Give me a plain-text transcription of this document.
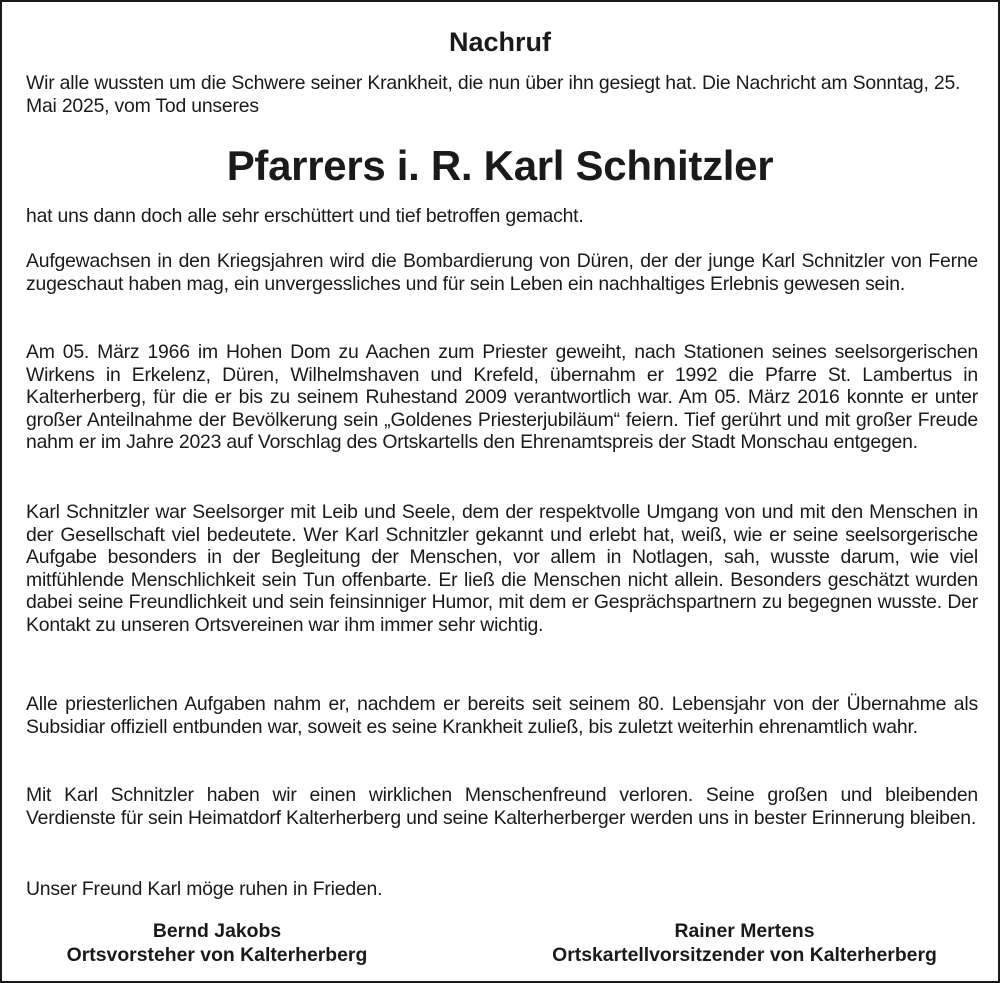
Nachruf

Wir alle wussten um die Schwere seiner Krankheit, die nun über ihn gesiegt hat. Die Nachricht am Sonntag, 25. Mai 2025, vom Tod unseres

Pfarrers i. R. Karl Schnitzler

hat uns dann doch alle sehr erschüttert und tief betroffen gemacht.

Aufgewachsen in den Kriegsjahren wird die Bombardierung von Düren, der der junge Karl Schnitzler von Ferne zugeschaut haben mag, ein unvergessliches und für sein Leben ein nachhaltiges Erlebnis gewesen sein.

Am 05. März 1966 im Hohen Dom zu Aachen zum Priester geweiht, nach Stationen seines seelsorgerischen Wirkens in Erkelenz, Düren, Wilhelmshaven und Krefeld, übernahm er 1992 die Pfarre St. Lambertus in Kalterherberg, für die er bis zu seinem Ruhestand 2009 verantwortlich war. Am 05. März 2016 konnte er unter großer Anteilnahme der Bevölkerung sein „Goldenes Priesterjubiläum“ feiern. Tief gerührt und mit großer Freude nahm er im Jahre 2023 auf Vorschlag des Ortskartells den Ehrenamtspreis der Stadt Monschau entgegen.

Karl Schnitzler war Seelsorger mit Leib und Seele, dem der respektvolle Umgang von und mit den Menschen in der Gesellschaft viel bedeutete. Wer Karl Schnitzler gekannt und erlebt hat, weiß, wie er seine seelsorgerische Aufgabe besonders in der Begleitung der Menschen, vor allem in Notlagen, sah, wusste darum, wie viel mitfühlende Menschlichkeit sein Tun offenbarte. Er ließ die Menschen nicht allein. Besonders geschätzt wurden dabei seine Freundlichkeit und sein feinsinniger Humor, mit dem er Gesprächspartnern zu begegnen wusste. Der Kontakt zu unseren Ortsvereinen war ihm immer sehr wichtig.

Alle priesterlichen Aufgaben nahm er, nachdem er bereits seit seinem 80. Lebensjahr von der Übernahme als Subsidiar offiziell entbunden war, soweit es seine Krankheit zuließ, bis zuletzt weiterhin ehrenamtlich wahr.

Mit Karl Schnitzler haben wir einen wirklichen Menschenfreund verloren. Seine großen und bleibenden Verdienste für sein Heimatdorf Kalterherberg und seine Kalterherberger werden uns in bester Erinnerung bleiben.

Unser Freund Karl möge ruhen in Frieden.

Bernd Jakobs
Ortsvorsteher von Kalterherberg
Rainer Mertens
Ortskartellvorsitzender von Kalterherberg
